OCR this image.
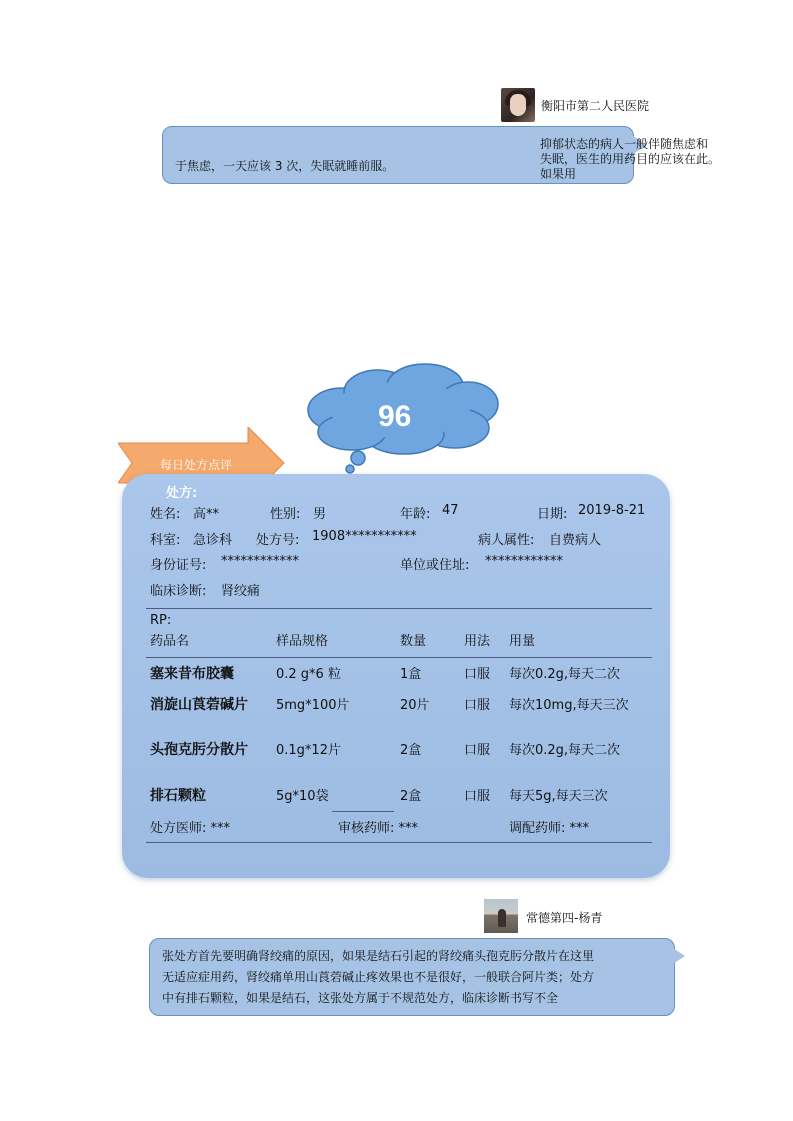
衡阳市第二人民医院
于焦虑，一天应该 3 次，失眠就睡前服。
抑郁状态的病人一般伴随焦虑和
失眠，医生的用药目的应该在此。
如果用
96
每日处方点评
处方:
姓名: 高**	性别: 男	年龄: 47	日期: 2019-8-21
科室: 急诊科 处方号: 1908***********	病人属性: 自费病人
身份证号: ************	单位或住址: ************
临床诊断: 肾绞痛
RP:
药品名	样品规格	数量	用法 用量
塞来昔布胶囊	0.2 g*6 粒	1盒	口服 每次0.2g,每天二次
消旋山莨菪碱片 5mg*100片	20片	口服 每次10mg,每天三次
头孢克肟分散片 0.1g*12片	2盒	口服 每次0.2g,每天二次
排石颗粒	5g*10袋	2盒	口服 每天5g,每天三次
处方医师: ***	审核药师: ***	调配药师: ***
常德第四-杨青
张处方首先要明确肾绞痛的原因，如果是结石引起的肾绞痛头孢克肟分散片在这里
无适应症用药，肾绞痛单用山莨菪碱止疼效果也不是很好，一般联合阿片类；处方
中有排石颗粒，如果是结石，这张处方属于不规范处方，临床诊断书写不全
